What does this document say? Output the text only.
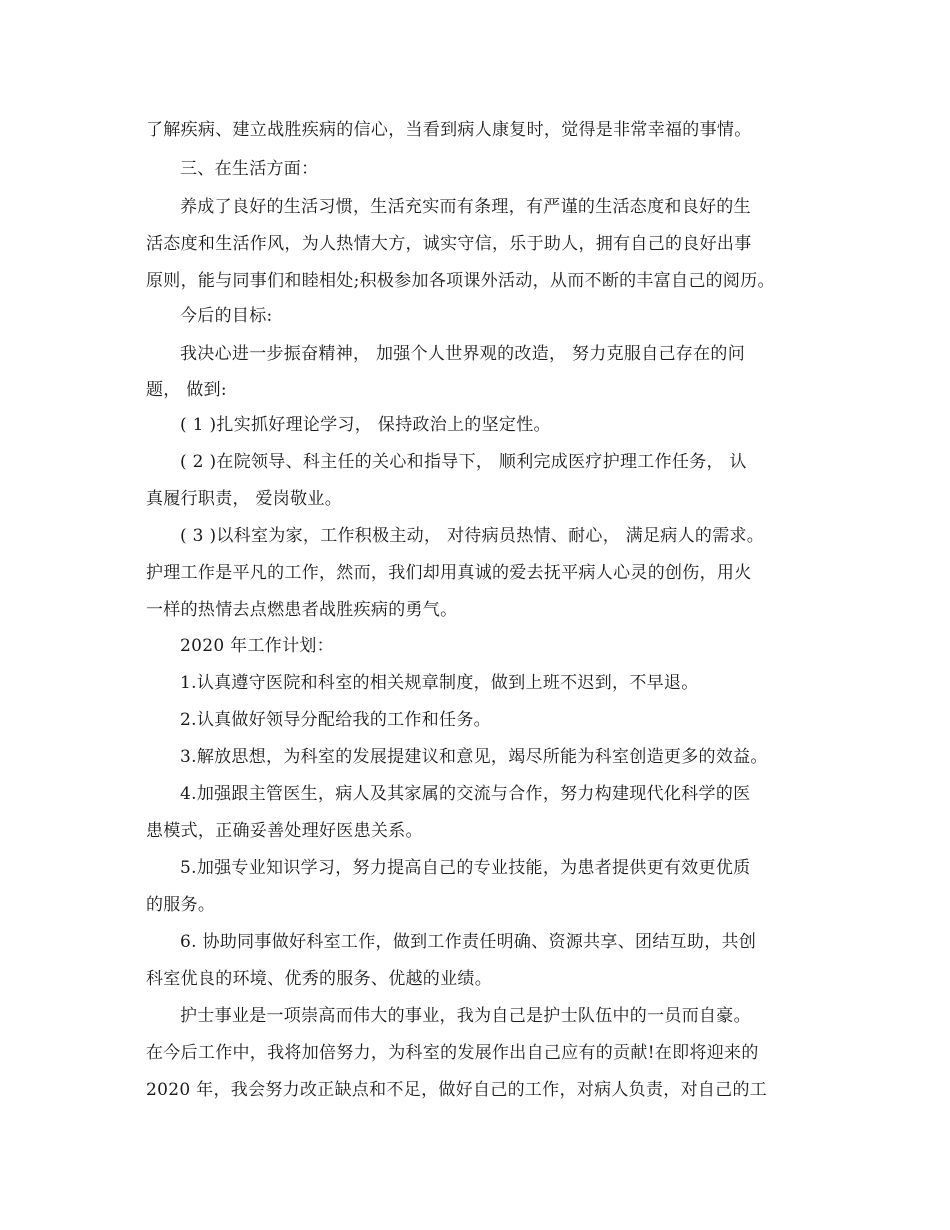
了解疾病、建立战胜疾病的信心，当看到病人康复时，觉得是非常幸福的事情。
三、在生活方面：
养成了良好的生活习惯，生活充实而有条理，有严谨的生活态度和良好的生
活态度和生活作风，为人热情大方，诚实守信，乐于助人，拥有自己的良好出事
原则，能与同事们和睦相处;积极参加各项课外活动，从而不断的丰富自己的阅历。
今后的目标:
我决心进一步振奋精神， 加强个人世界观的改造， 努力克服自己存在的问
题， 做到:
( 1 )扎实抓好理论学习， 保持政治上的坚定性。
( 2 )在院领导、科主任的关心和指导下， 顺利完成医疗护理工作任务， 认
真履行职责， 爱岗敬业。
( 3 )以科室为家，工作积极主动， 对待病员热情、耐心， 满足病人的需求。
护理工作是平凡的工作，然而，我们却用真诚的爱去抚平病人心灵的创伤，用火
一样的热情去点燃患者战胜疾病的勇气。
2020 年工作计划：
1.认真遵守医院和科室的相关规章制度，做到上班不迟到，不早退。
2.认真做好领导分配给我的工作和任务。
3.解放思想，为科室的发展提建议和意见，竭尽所能为科室创造更多的效益。
4.加强跟主管医生，病人及其家属的交流与合作，努力构建现代化科学的医
患模式，正确妥善处理好医患关系。
5.加强专业知识学习，努力提高自己的专业技能，为患者提供更有效更优质
的服务。
6. 协助同事做好科室工作，做到工作责任明确、资源共享、团结互助，共创
科室优良的环境、优秀的服务、优越的业绩。
护士事业是一项崇高而伟大的事业，我为自己是护士队伍中的一员而自豪。
在今后工作中，我将加倍努力，为科室的发展作出自己应有的贡献!在即将迎来的
2020 年，我会努力改正缺点和不足，做好自己的工作，对病人负责，对自己的工
